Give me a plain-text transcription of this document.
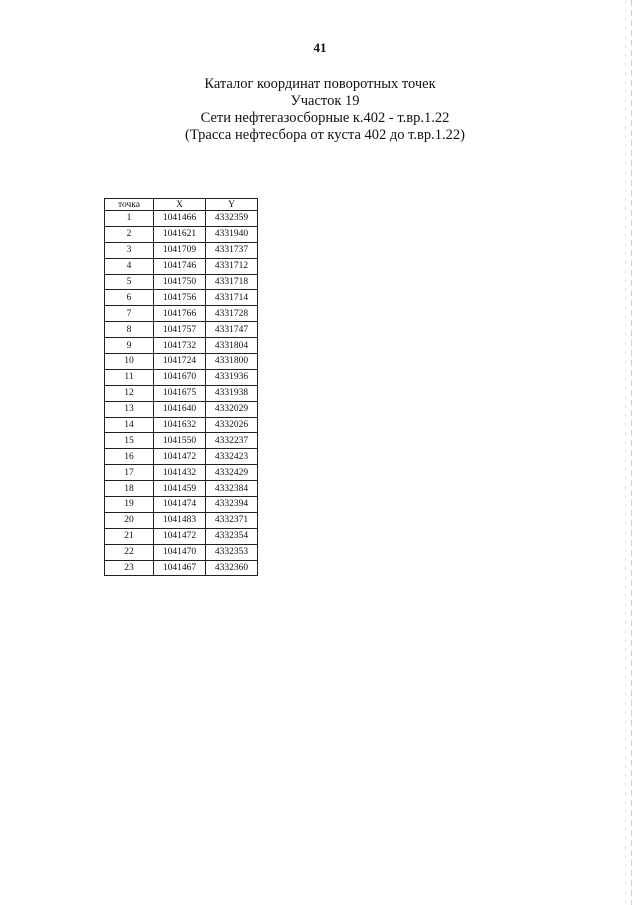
41
Каталог координат поворотных точек
Участок 19
Сети нефтегазосборные к.402 - т.вр.1.22
(Трасса нефтесбора от куста 402 до т.вр.1.22)
точка	X	Y
1	1041466	4332359
2	1041621	4331940
3	1041709	4331737
4	1041746	4331712
5	1041750	4331718
6	1041756	4331714
7	1041766	4331728
8	1041757	4331747
9	1041732	4331804
10	1041724	4331800
11	1041670	4331936
12	1041675	4331938
13	1041640	4332029
14	1041632	4332026
15	1041550	4332237
16	1041472	4332423
17	1041432	4332429
18	1041459	4332384
19	1041474	4332394
20	1041483	4332371
21	1041472	4332354
22	1041470	4332353
23	1041467	4332360
